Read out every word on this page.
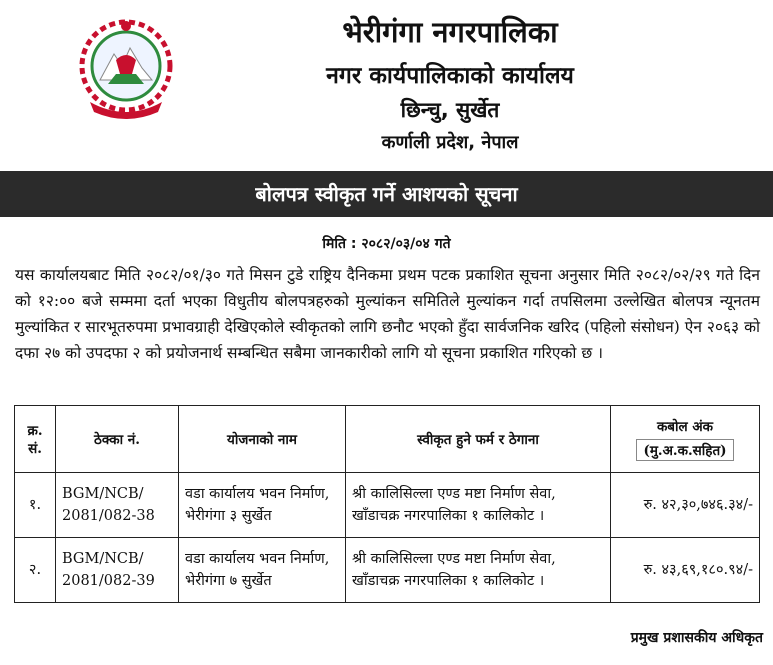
भेरीगंगा नगरपालिका
नगर कार्यपालिकाको कार्यालय
छिन्चु, सुर्खेत
कर्णाली प्रदेश, नेपाल
बोलपत्र स्वीकृत गर्ने आशयको सूचना
मिति : २०८२/०३/०४ गते
यस कार्यालयबाट मिति २०८२/०१/३० गते मिसन टुडे राष्ट्रिय दैनिकमा प्रथम पटक प्रकाशित सूचना अनुसार मिति २०८२/०२/२९ गते दिन को १२:०० बजे सम्ममा दर्ता भएका विधुतीय बोलपत्रहरुको मुल्यांकन समितिले मुल्यांकन गर्दा तपसिलमा उल्लेखित बोलपत्र न्यूनतम मुल्यांकित र सारभूतरुपमा प्रभावग्राही देखिएकोले स्वीकृतको लागि छनौट भएको हुँदा सार्वजनिक खरिद (पहिलो संसोधन) ऐन २०६३ को दफा २७ को उपदफा २ को प्रयोजनार्थ सम्बन्धित सबैमा जानकारीको लागि यो सूचना प्रकाशित गरिएको छ ।
क्र. सं.	ठेक्का नं.	योजनाको नाम	स्वीकृत हुने फर्म र ठेगाना	कबोल अंक
(मु.अ.क.सहित)
१.	BGM/NCB/ 2081/082-38	वडा कार्यालय भवन निर्माण, भेरीगंगा ३ सुर्खेत	श्री कालिसिल्ला एण्ड मष्टा निर्माण सेवा, खाँडाचक्र नगरपालिका १ कालिकोट ।	रु. ४२,३०,७४६.३४/-
२.	BGM/NCB/ 2081/082-39	वडा कार्यालय भवन निर्माण, भेरीगंगा ७ सुर्खेत	श्री कालिसिल्ला एण्ड मष्टा निर्माण सेवा, खाँडाचक्र नगरपालिका १ कालिकोट ।	रु. ४३,६९,१८०.९४/-
प्रमुख प्रशासकीय अधिकृत
